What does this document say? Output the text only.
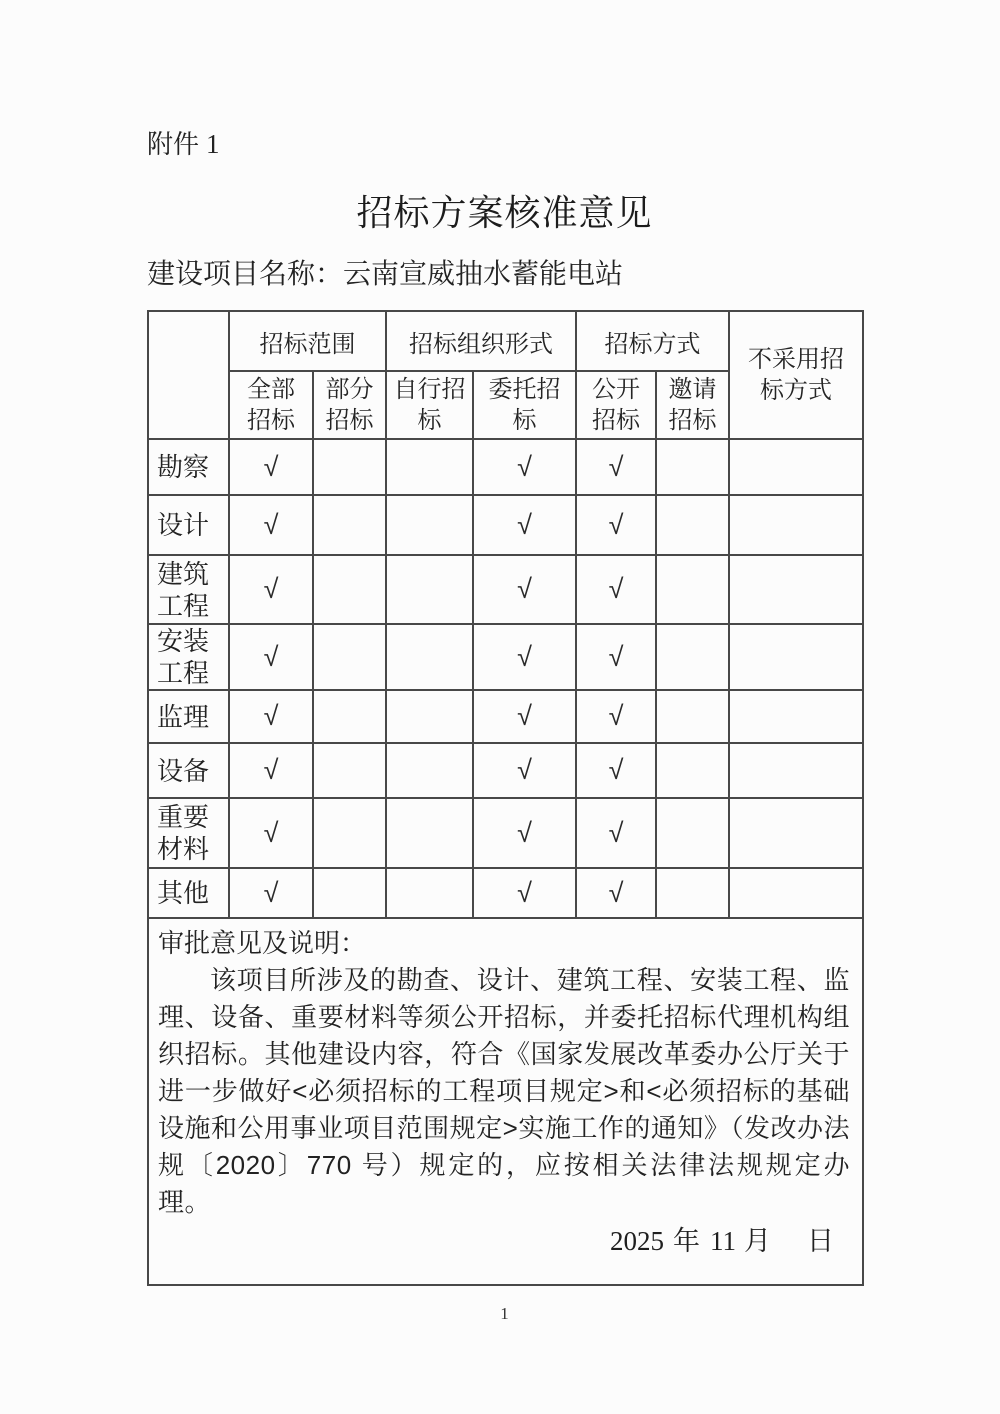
附件 1
招标方案核准意见
建设项目名称：云南宣威抽水蓄能电站
	招标范围		招标组织形式		招标方式		不采用招标方式
	全部招标	部分招标	自行招标	委托招标	公开招标	邀请招标	
勘察	√			√	√		
设计	√			√	√		
建筑工程	√			√	√		
安装工程	√			√	√		
监理	√			√	√		
设备	√			√	√		
重要材料	√			√	√		
其他	√			√	√		

审批意见及说明：
该项目所涉及的勘查、设计、建筑工程、安装工程、监理、设备、重要材料等须公开招标，并委托招标代理机构组织招标。其他建设内容，符合《国家发展改革委办公厅关于进一步做好<必须招标的工程项目规定>和<必须招标的基础设施和公用事业项目范围规定>实施工作的通知》（发改办法规〔2020〕770 号）规定的，应按相关法律法规规定办理。
2025 年 11 月 日							
1
